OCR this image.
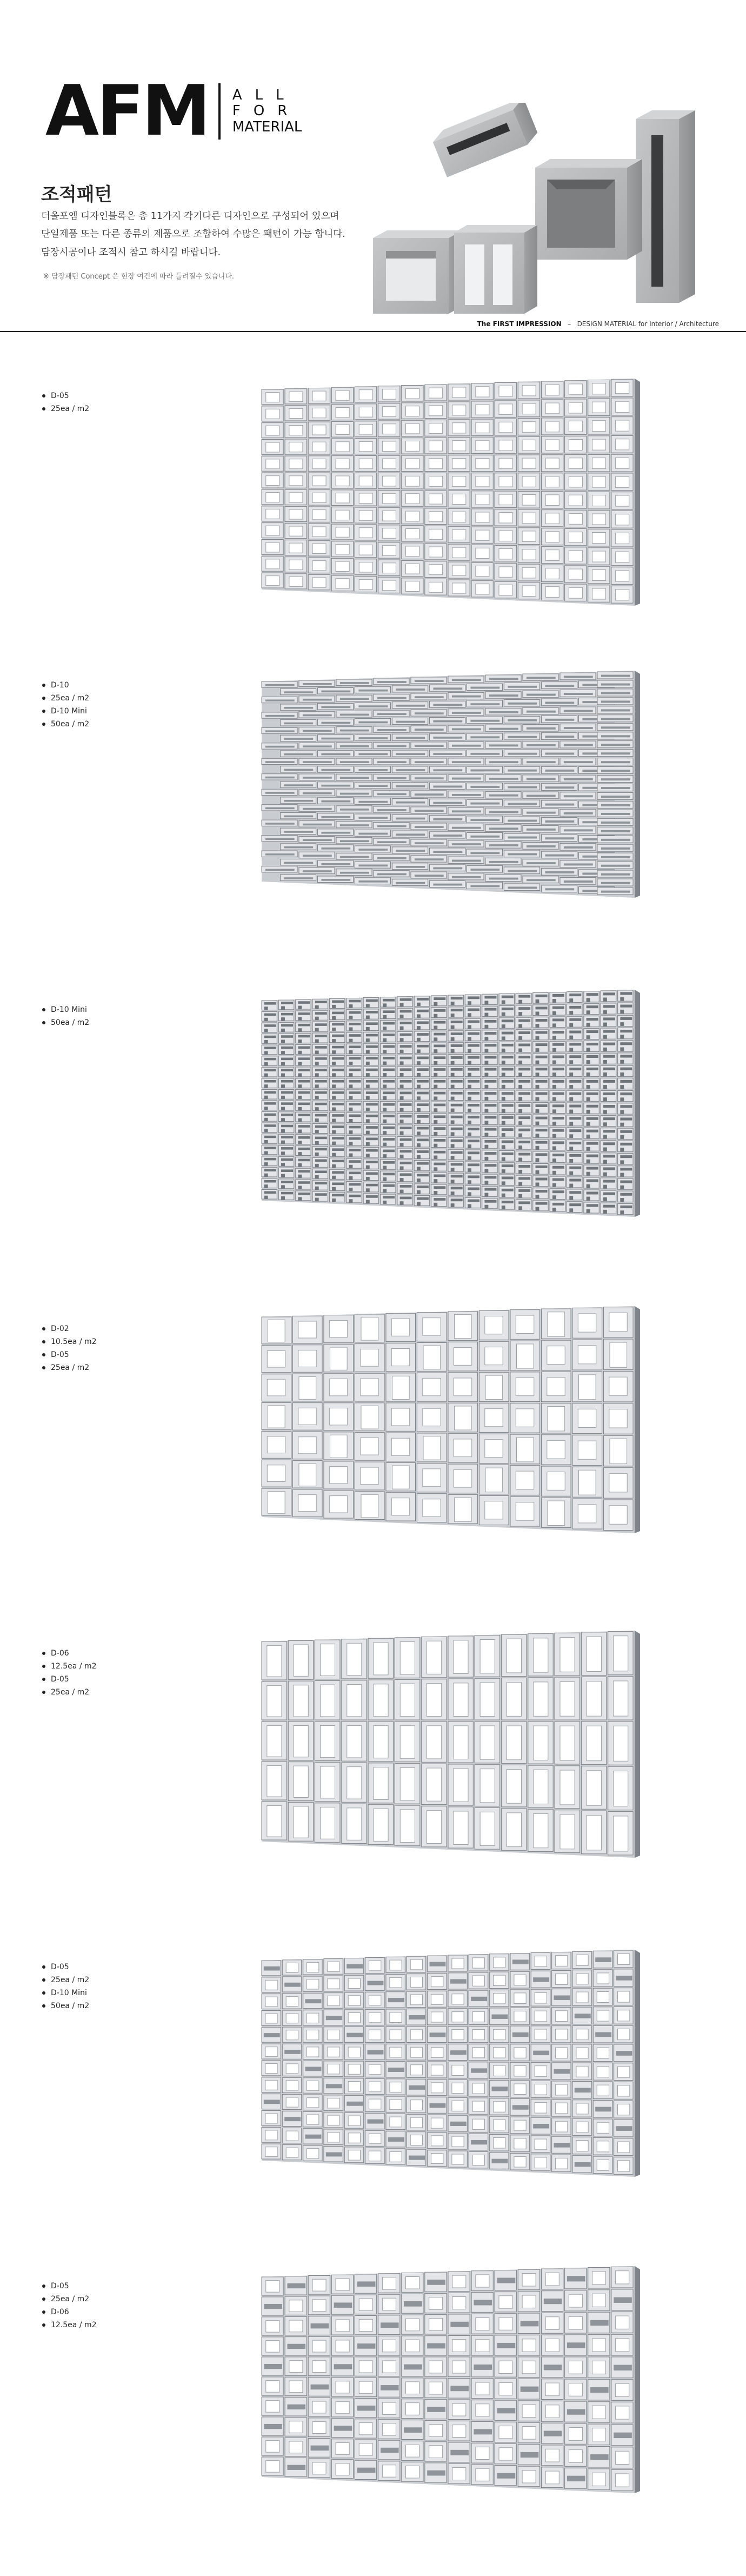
AFM ALL
FOR
MATERIAL
조적패턴
더올포엠 디자인블록은 총 11가지 각기다른 디자인으로 구성되어 있으며
단일제품 또는 다른 종류의 제품으로 조합하여 수많은 패턴이 가능 합니다.
담장시공이나 조적시 참고 하시길 바랍니다.

※ 담장패턴 Concept 은 현장 여건에 따라 틀려질수 있습니다.

The FIRST IMPRESSION – DESIGN MATERIAL for Interior / Architecture
D-05
25ea / m2
D-10
25ea / m2
D-10 Mini
50ea / m2
D-10 Mini
50ea / m2
D-02
10.5ea / m2
D-05
25ea / m2
D-06
12.5ea / m2
D-05
25ea / m2
D-05
25ea / m2
D-10 Mini
50ea / m2
D-05
25ea / m2
D-06
12.5ea / m2
